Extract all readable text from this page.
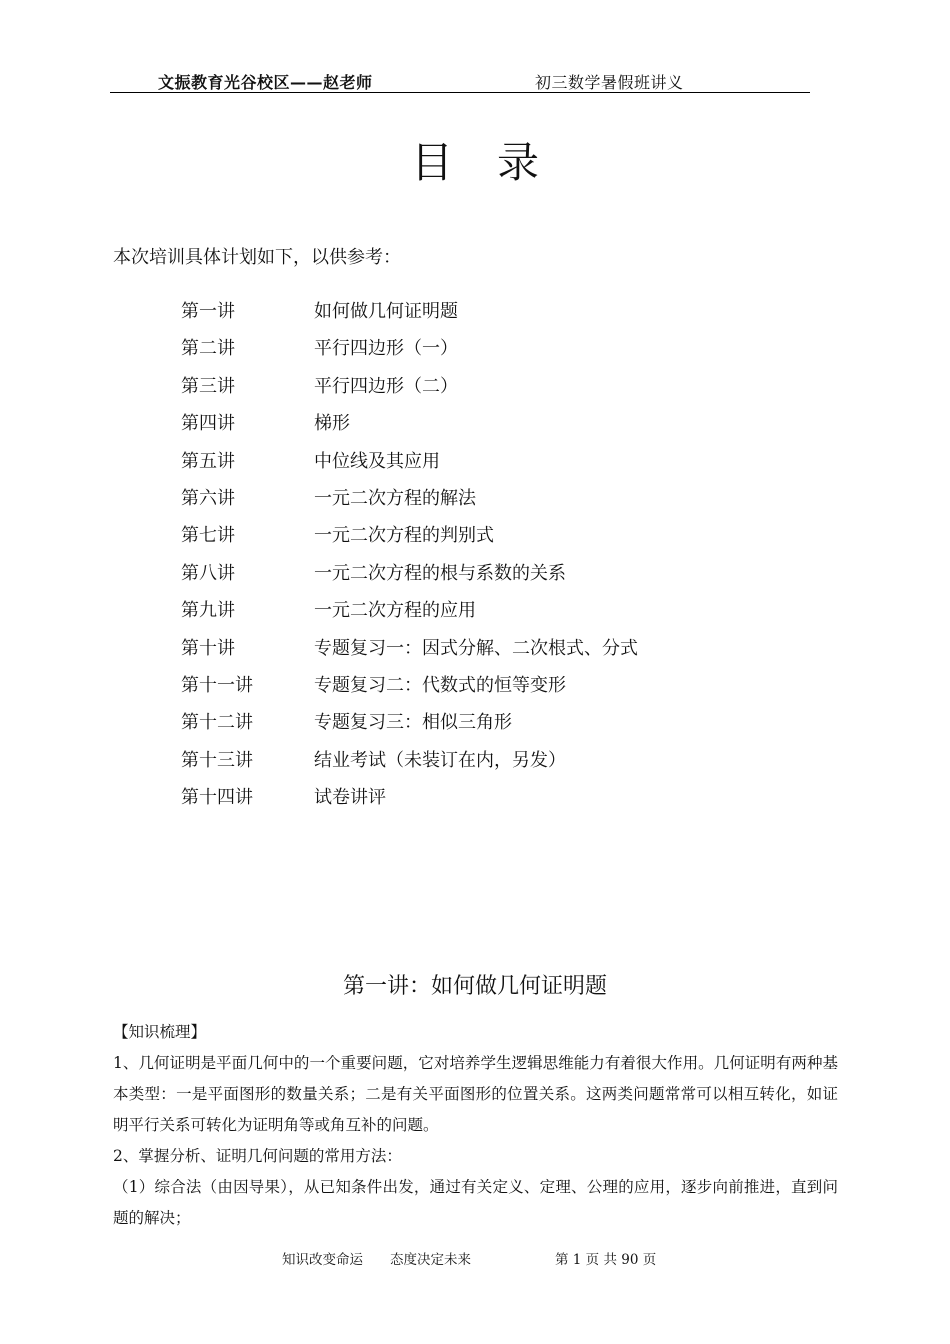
文振教育光谷校区——赵老师	初三数学暑假班讲义
目录
本次培训具体计划如下，以供参考：
第一讲	如何做几何证明题
第二讲	平行四边形（一）
第三讲	平行四边形（二）
第四讲	梯形
第五讲	中位线及其应用
第六讲	一元二次方程的解法
第七讲	一元二次方程的判别式
第八讲	一元二次方程的根与系数的关系
第九讲	一元二次方程的应用
第十讲	专题复习一：因式分解、二次根式、分式
第十一讲	专题复习二：代数式的恒等变形
第十二讲	专题复习三：相似三角形
第十三讲	结业考试（未装订在内，另发）
第十四讲	试卷讲评
第一讲：如何做几何证明题

【知识梳理】

1、几何证明是平面几何中的一个重要问题，它对培养学生逻辑思维能力有着很大作用。几何证明有两种基本类型：一是平面图形的数量关系；二是有关平面图形的位置关系。这两类问题常常可以相互转化，如证明平行关系可转化为证明角等或角互补的问题。

2、掌握分析、证明几何问题的常用方法：

（1）综合法（由因导果），从已知条件出发，通过有关定义、定理、公理的应用，逐步向前推进，直到问题的解决；

知识改变命运　　态度决定未来	第 1 页 共 90 页
